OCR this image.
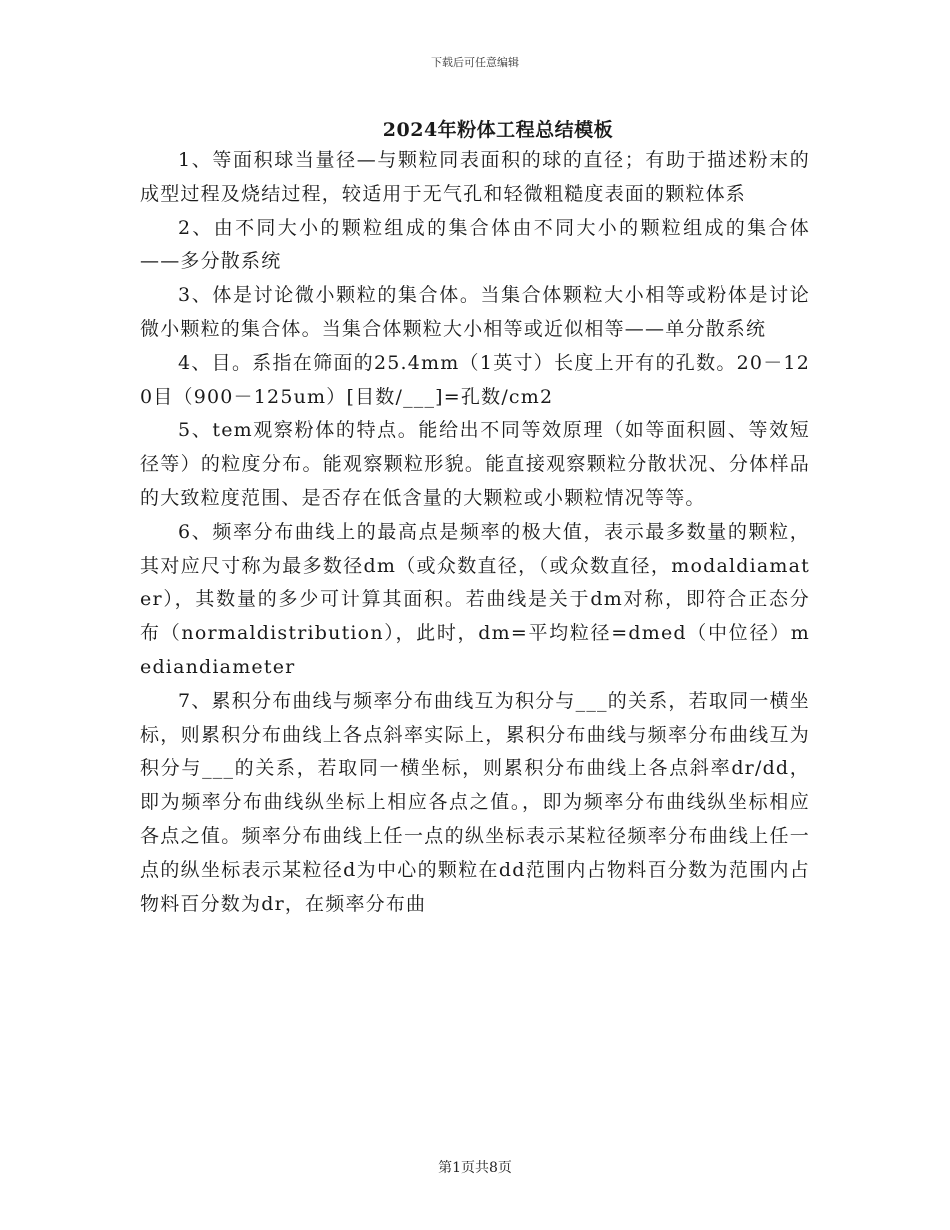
下载后可任意编辑
2024年粉体工程总结模板

1、等面积球当量径—与颗粒同表面积的球的直径；有助于描述粉末的成型过程及烧结过程，较适用于无气孔和轻微粗糙度表面的颗粒体系

2、由不同大小的颗粒组成的集合体由不同大小的颗粒组成的集合体——多分散系统

3、体是讨论微小颗粒的集合体。当集合体颗粒大小相等或粉体是讨论微小颗粒的集合体。当集合体颗粒大小相等或近似相等——单分散系统

4、目。系指在筛面的25.4mm（1英寸）长度上开有的孔数。20－120目（900－125um）[目数/___]=孔数/cm2

5、tem观察粉体的特点。能给出不同等效原理（如等面积圆、等效短径等）的粒度分布。能观察颗粒形貌。能直接观察颗粒分散状况、分体样品的大致粒度范围、是否存在低含量的大颗粒或小颗粒情况等等。

6、频率分布曲线上的最高点是频率的极大值，表示最多数量的颗粒，其对应尺寸称为最多数径dm（或众数直径，（或众数直径，modaldiamater），其数量的多少可计算其面积。若曲线是关于dm对称，即符合正态分布（normaldistribution），此时，dm=平均粒径=dmed（中位径）mediandiameter

7、累积分布曲线与频率分布曲线互为积分与___的关系，若取同一横坐标，则累积分布曲线上各点斜率实际上，累积分布曲线与频率分布曲线互为积分与___的关系，若取同一横坐标，则累积分布曲线上各点斜率dr/dd，即为频率分布曲线纵坐标上相应各点之值。，即为频率分布曲线纵坐标相应各点之值。频率分布曲线上任一点的纵坐标表示某粒径频率分布曲线上任一点的纵坐标表示某粒径d为中心的颗粒在dd范围内占物料百分数为范围内占物料百分数为dr，在频率分布曲

第1页共8页
